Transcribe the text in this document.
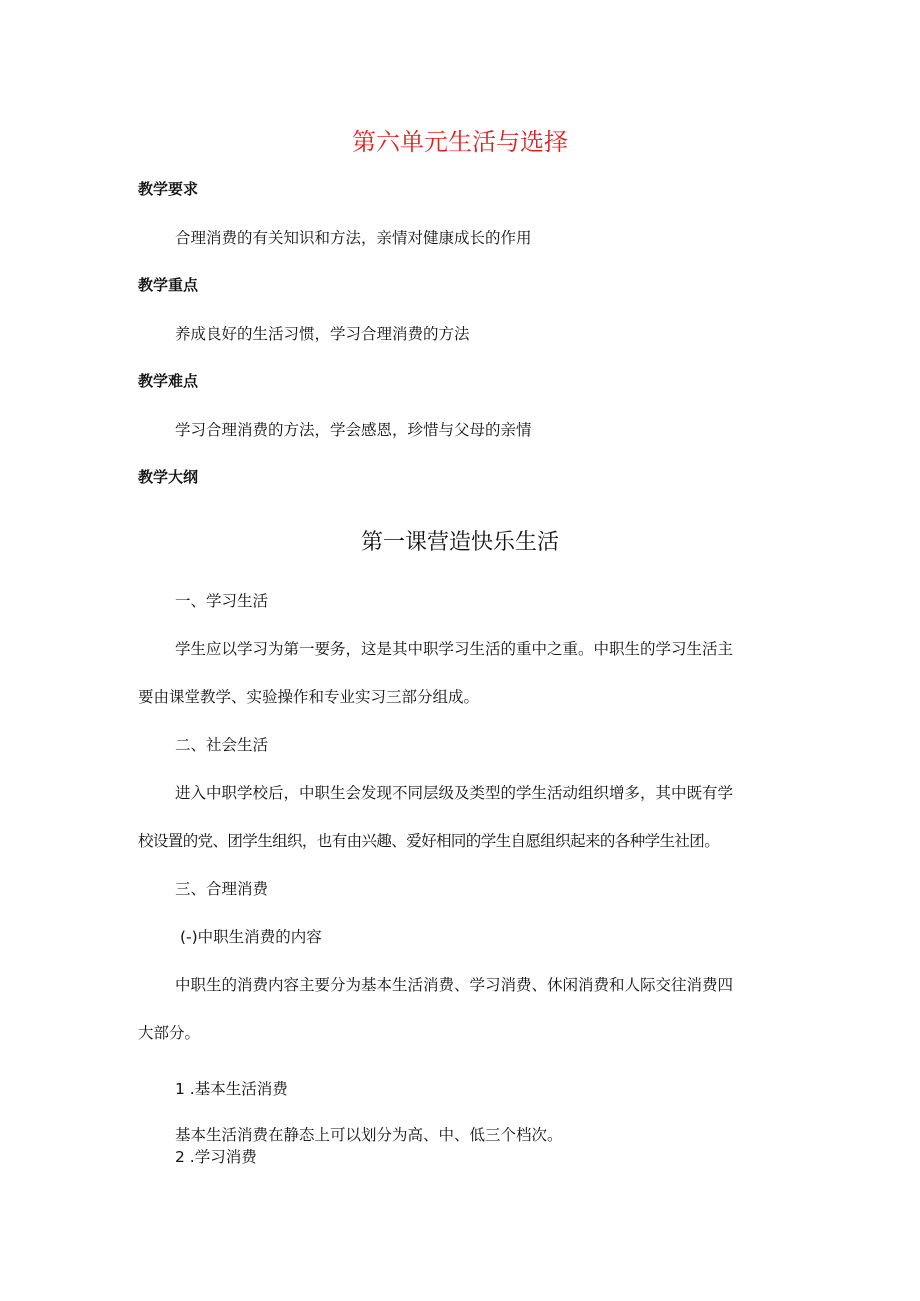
第六单元生活与选择
教学要求
合理消费的有关知识和方法，亲情对健康成长的作用
教学重点
养成良好的生活习惯，学习合理消费的方法
教学难点
学习合理消费的方法，学会感恩，珍惜与父母的亲情
教学大纲
第一课营造快乐生活
一、学习生活
学生应以学习为第一要务，这是其中职学习生活的重中之重。中职生的学习生活主
要由课堂教学、实验操作和专业实习三部分组成。
二、社会生活
进入中职学校后，中职生会发现不同层级及类型的学生活动组织增多，其中既有学
校设置的党、团学生组织，也有由兴趣、爱好相同的学生自愿组织起来的各种学生社团。
三、合理消费
(-)中职生消费的内容
中职生的消费内容主要分为基本生活消费、学习消费、休闲消费和人际交往消费四
大部分。
1 .基本生活消费
基本生活消费在静态上可以划分为高、中、低三个档次。
2 .学习消费
